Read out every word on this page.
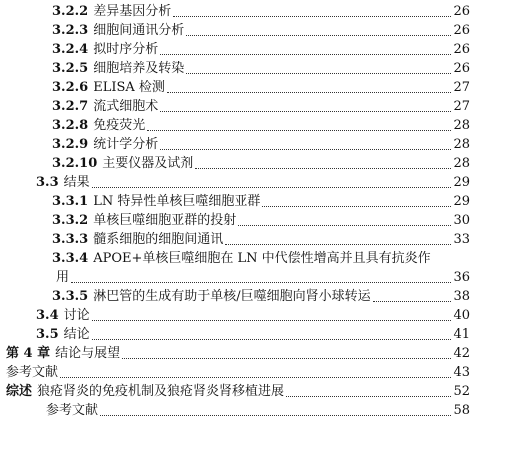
3.2.2 差异基因分析	26
3.2.3 细胞间通讯分析	26
3.2.4 拟时序分析	26
3.2.5 细胞培养及转染	26
3.2.6 ELISA 检测	27
3.2.7 流式细胞术	27
3.2.8 免疫荧光	28
3.2.9 统计学分析	28
3.2.10 主要仪器及试剂	28
3.3 结果	29
3.3.1 LN 特异性单核巨噬细胞亚群	29
3.3.2 单核巨噬细胞亚群的投射	30
3.3.3 髓系细胞的细胞间通讯	33
3.3.4 APOE+单核巨噬细胞在 LN 中代偿性增高并且具有抗炎作
用	36
3.3.5 淋巴管的生成有助于单核/巨噬细胞向肾小球转运	38
3.4 讨论	40
3.5 结论	41
第 4 章 结论与展望	42
参考文献	43
综述 狼疮肾炎的免疫机制及狼疮肾炎肾移植进展	52
参考文献	58
